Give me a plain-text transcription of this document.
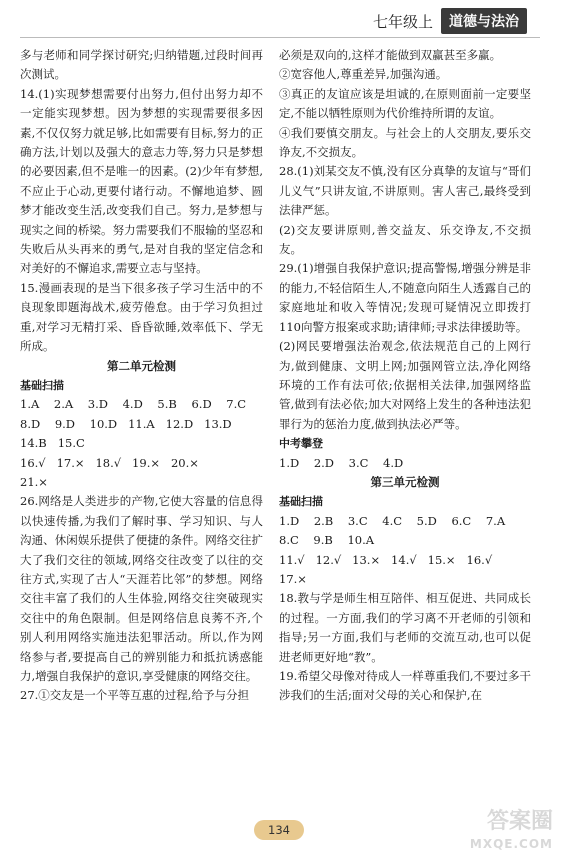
七年级上	道德与法治

多与老师和同学探讨研究;归纳错题,过段时间再次测试。

14.(1)实现梦想需要付出努力,但付出努力却不一定能实现梦想。因为梦想的实现需要很多因素,不仅仅努力就足够,比如需要有目标,努力的正确方法,计划以及强大的意志力等,努力只是梦想的必要因素,但不是唯一的因素。(2)少年有梦想,不应止于心动,更要付诸行动。不懈地追梦、圆梦才能改变生活,改变我们自己。努力,是梦想与现实之间的桥梁。努力需要我们不服输的坚忍和失败后从头再来的勇气,是对自我的坚定信念和对美好的不懈追求,需要立志与坚持。

15.漫画表现的是当下很多孩子学习生活中的不良现象即题海战术,疲劳倦怠。由于学习负担过重,对学习无精打采、昏昏欲睡,效率低下、学无所成。

第二单元检测

基础扫描

1.A    2.A    3.D    4.D    5.B    6.D    7.C

8.D    9.D    10.D   11.A   12.D   13.D

14.B   15.C

16.√   17.×   18.√   19.×   20.×

21.×

26.网络是人类进步的产物,它使大容量的信息得以快速传播,为我们了解时事、学习知识、与人沟通、休闲娱乐提供了便捷的条件。网络交往扩大了我们交往的领域,网络交往改变了以往的交往方式,实现了古人“天涯若比邻”的梦想。网络交往丰富了我们的人生体验,网络交往突破现实交往中的角色限制。但是网络信息良莠不齐,个别人利用网络实施违法犯罪活动。所以,作为网络参与者,要提高自己的辨别能力和抵抗诱惑能力,增强自我保护的意识,享受健康的网络交往。

27.①交友是一个平等互惠的过程,给予与分担

必须是双向的,这样才能做到双赢甚至多赢。

②宽容他人,尊重差异,加强沟通。

③真正的友谊应该是坦诚的,在原则面前一定要坚定,不能以牺牲原则为代价维持所谓的友谊。

④我们要慎交朋友。与社会上的人交朋友,要乐交诤友,不交损友。

28.(1)刘某交友不慎,没有区分真挚的友谊与“哥们儿义气”只讲友谊,不讲原则。害人害己,最终受到法律严惩。

(2)交友要讲原则,善交益友、乐交诤友,不交损友。

29.(1)增强自我保护意识;提高警惕,增强分辨是非的能力,不轻信陌生人,不随意向陌生人透露自己的家庭地址和收入等情况;发现可疑情况立即拨打110向警方报案或求助;请律师;寻求法律援助等。

(2)网民要增强法治观念,依法规范自己的上网行为,做到健康、文明上网;加强网管立法,净化网络环境的工作有法可依;依据相关法律,加强网络监管,做到有法必依;加大对网络上发生的各种违法犯罪行为的惩治力度,做到执法必严等。

中考攀登

1.D    2.D    3.C    4.D

第三单元检测

基础扫描

1.D    2.B    3.C    4.C    5.D    6.C    7.A

8.C    9.B    10.A

11.√   12.√   13.×   14.√   15.×   16.√

17.×

18.教与学是师生相互陪伴、相互促进、共同成长的过程。一方面,我们的学习离不开老师的引领和指导;另一方面,我们与老师的交流互动,也可以促进老师更好地“教”。

19.希望父母像对待成人一样尊重我们,不要过多干涉我们的生活;面对父母的关心和保护,在

134	答案圈
MXQE.COM
